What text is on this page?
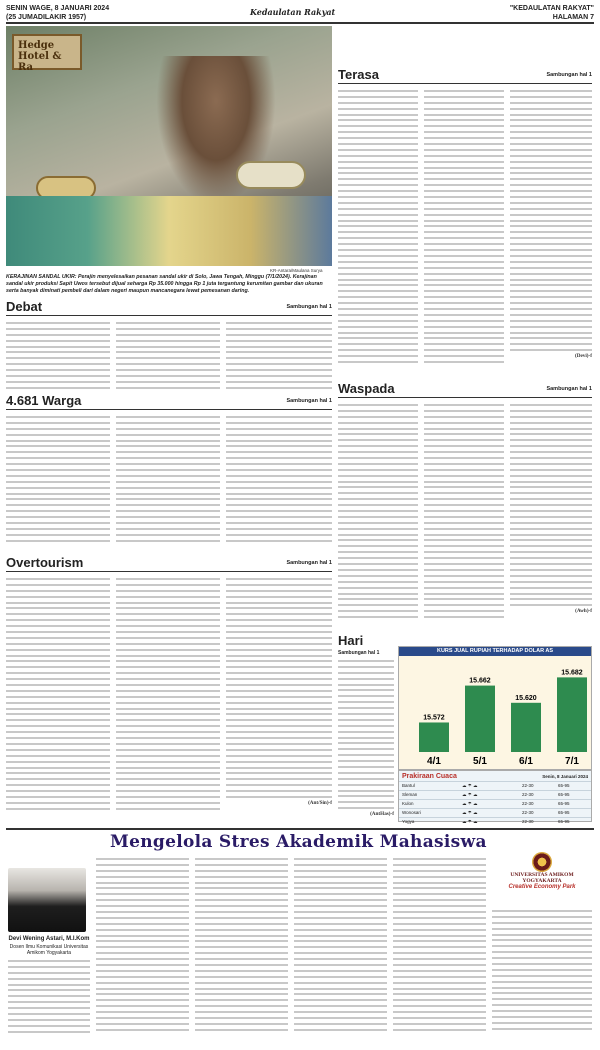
SENIN WAGE, 8 JANUARI 2024
(25 JUMADILAKIR 1957)
Kedaulatan Rakyat	"KEDAULATAN RAKYAT"
HALAMAN 7
Hedge Hotel & Ra
KR-Antara/Maulana Surya
KERAJINAN SANDAL UKIR: Perajin menyelesaikan pesanan sandal ukir di Solo, Jawa Tengah, Minggu (7/1/2024). Kerajinan sandal ukir produksi Sapit Uwos tersebut dijual seharga Rp 35.000 hingga Rp 1 juta tergantung kerumitan gambar dan ukuran serta banyak diminati pembeli dari dalam negeri maupun mancanegara lewat pemesanan daring.
Debat	Sambungan hal 1
4.681 Warga	Sambungan hal 1
Overtourism	Sambungan hal 1
(Ant/Sin)-f
Terasa	Sambungan hal 1
(Devi)-f
Waspada	Sambungan hal 1
(Awh)-f
Hari
Sambungan hal 1
(AntHas)-f
KURS JUAL RUPIAH TERHADAP DOLAR AS
15.572
4/1
15.662
5/1
15.620
6/1
15.682
7/1
Prakiraan Cuaca	Senin, 8 Januari 2024
Bantul	☁ ☂ ☁	22-30	65-95
Sleman	☁ ☂ ☁	22-30	65-95
Kulon	☁ ☂ ☁	22-30	65-95
Wonosari	☁ ☂ ☁	22-30	65-95
Yogya	☁ ☂ ☁	22-30	65-95
Mengelola Stres Akademik Mahasiswa
Devi Wening Astari, M.I.Kom
Dosen Ilmu Komunikasi Universitas Amikom Yogyakarta
UNIVERSITAS AMIKOM YOGYAKARTA
Creative Economy Park
